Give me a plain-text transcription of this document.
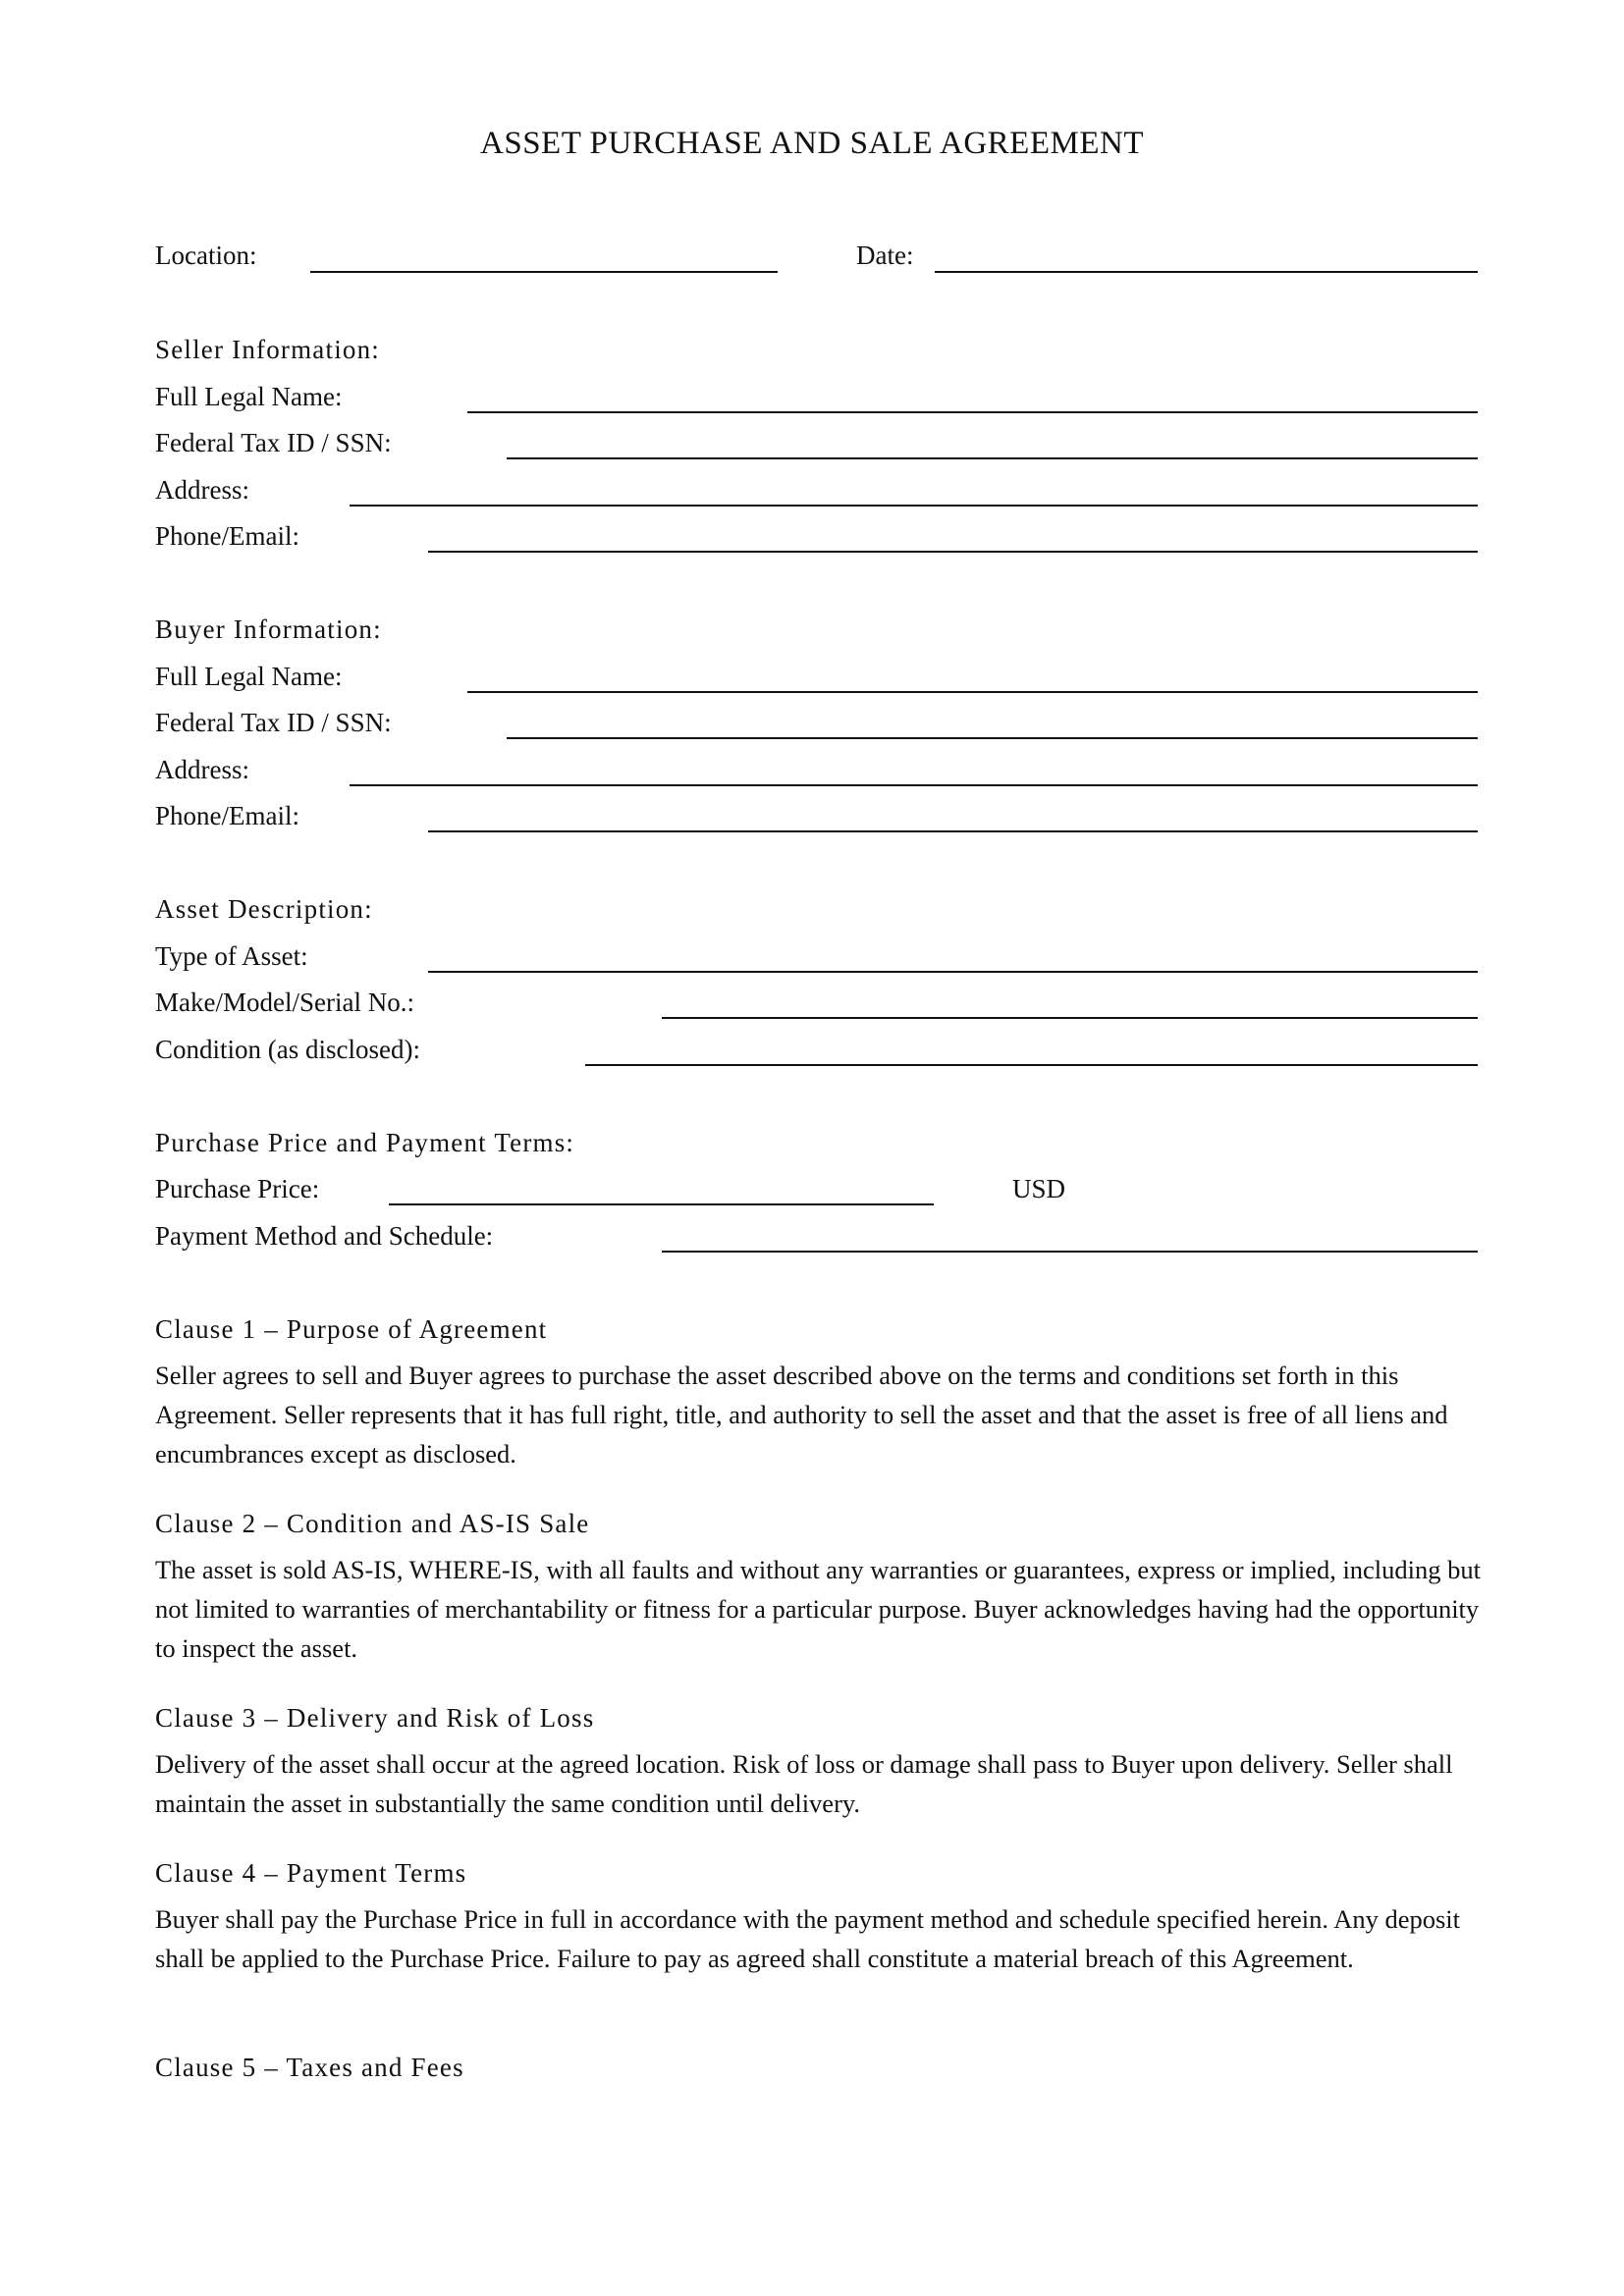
ASSET PURCHASE AND SALE AGREEMENT
Location:	Date:
Seller Information:
Full Legal Name:
Federal Tax ID / SSN:
Address:
Phone/Email:
Buyer Information:
Full Legal Name:
Federal Tax ID / SSN:
Address:
Phone/Email:
Asset Description:
Type of Asset:
Make/Model/Serial No.:
Condition (as disclosed):
Purchase Price and Payment Terms:
Purchase Price:	USD
Payment Method and Schedule:
Clause 1 – Purpose of Agreement
Seller agrees to sell and Buyer agrees to purchase the asset described above on the terms and conditions set forth in this Agreement. Seller represents that it has full right, title, and authority to sell the asset and that the asset is free of all liens and encumbrances except as disclosed.
Clause 2 – Condition and AS-IS Sale
The asset is sold AS-IS, WHERE-IS, with all faults and without any warranties or guarantees, express or implied, including but not limited to warranties of merchantability or fitness for a particular purpose. Buyer acknowledges having had the opportunity to inspect the asset.
Clause 3 – Delivery and Risk of Loss
Delivery of the asset shall occur at the agreed location. Risk of loss or damage shall pass to Buyer upon delivery. Seller shall maintain the asset in substantially the same condition until delivery.
Clause 4 – Payment Terms
Buyer shall pay the Purchase Price in full in accordance with the payment method and schedule specified herein. Any deposit shall be applied to the Purchase Price. Failure to pay as agreed shall constitute a material breach of this Agreement.
Clause 5 – Taxes and Fees
